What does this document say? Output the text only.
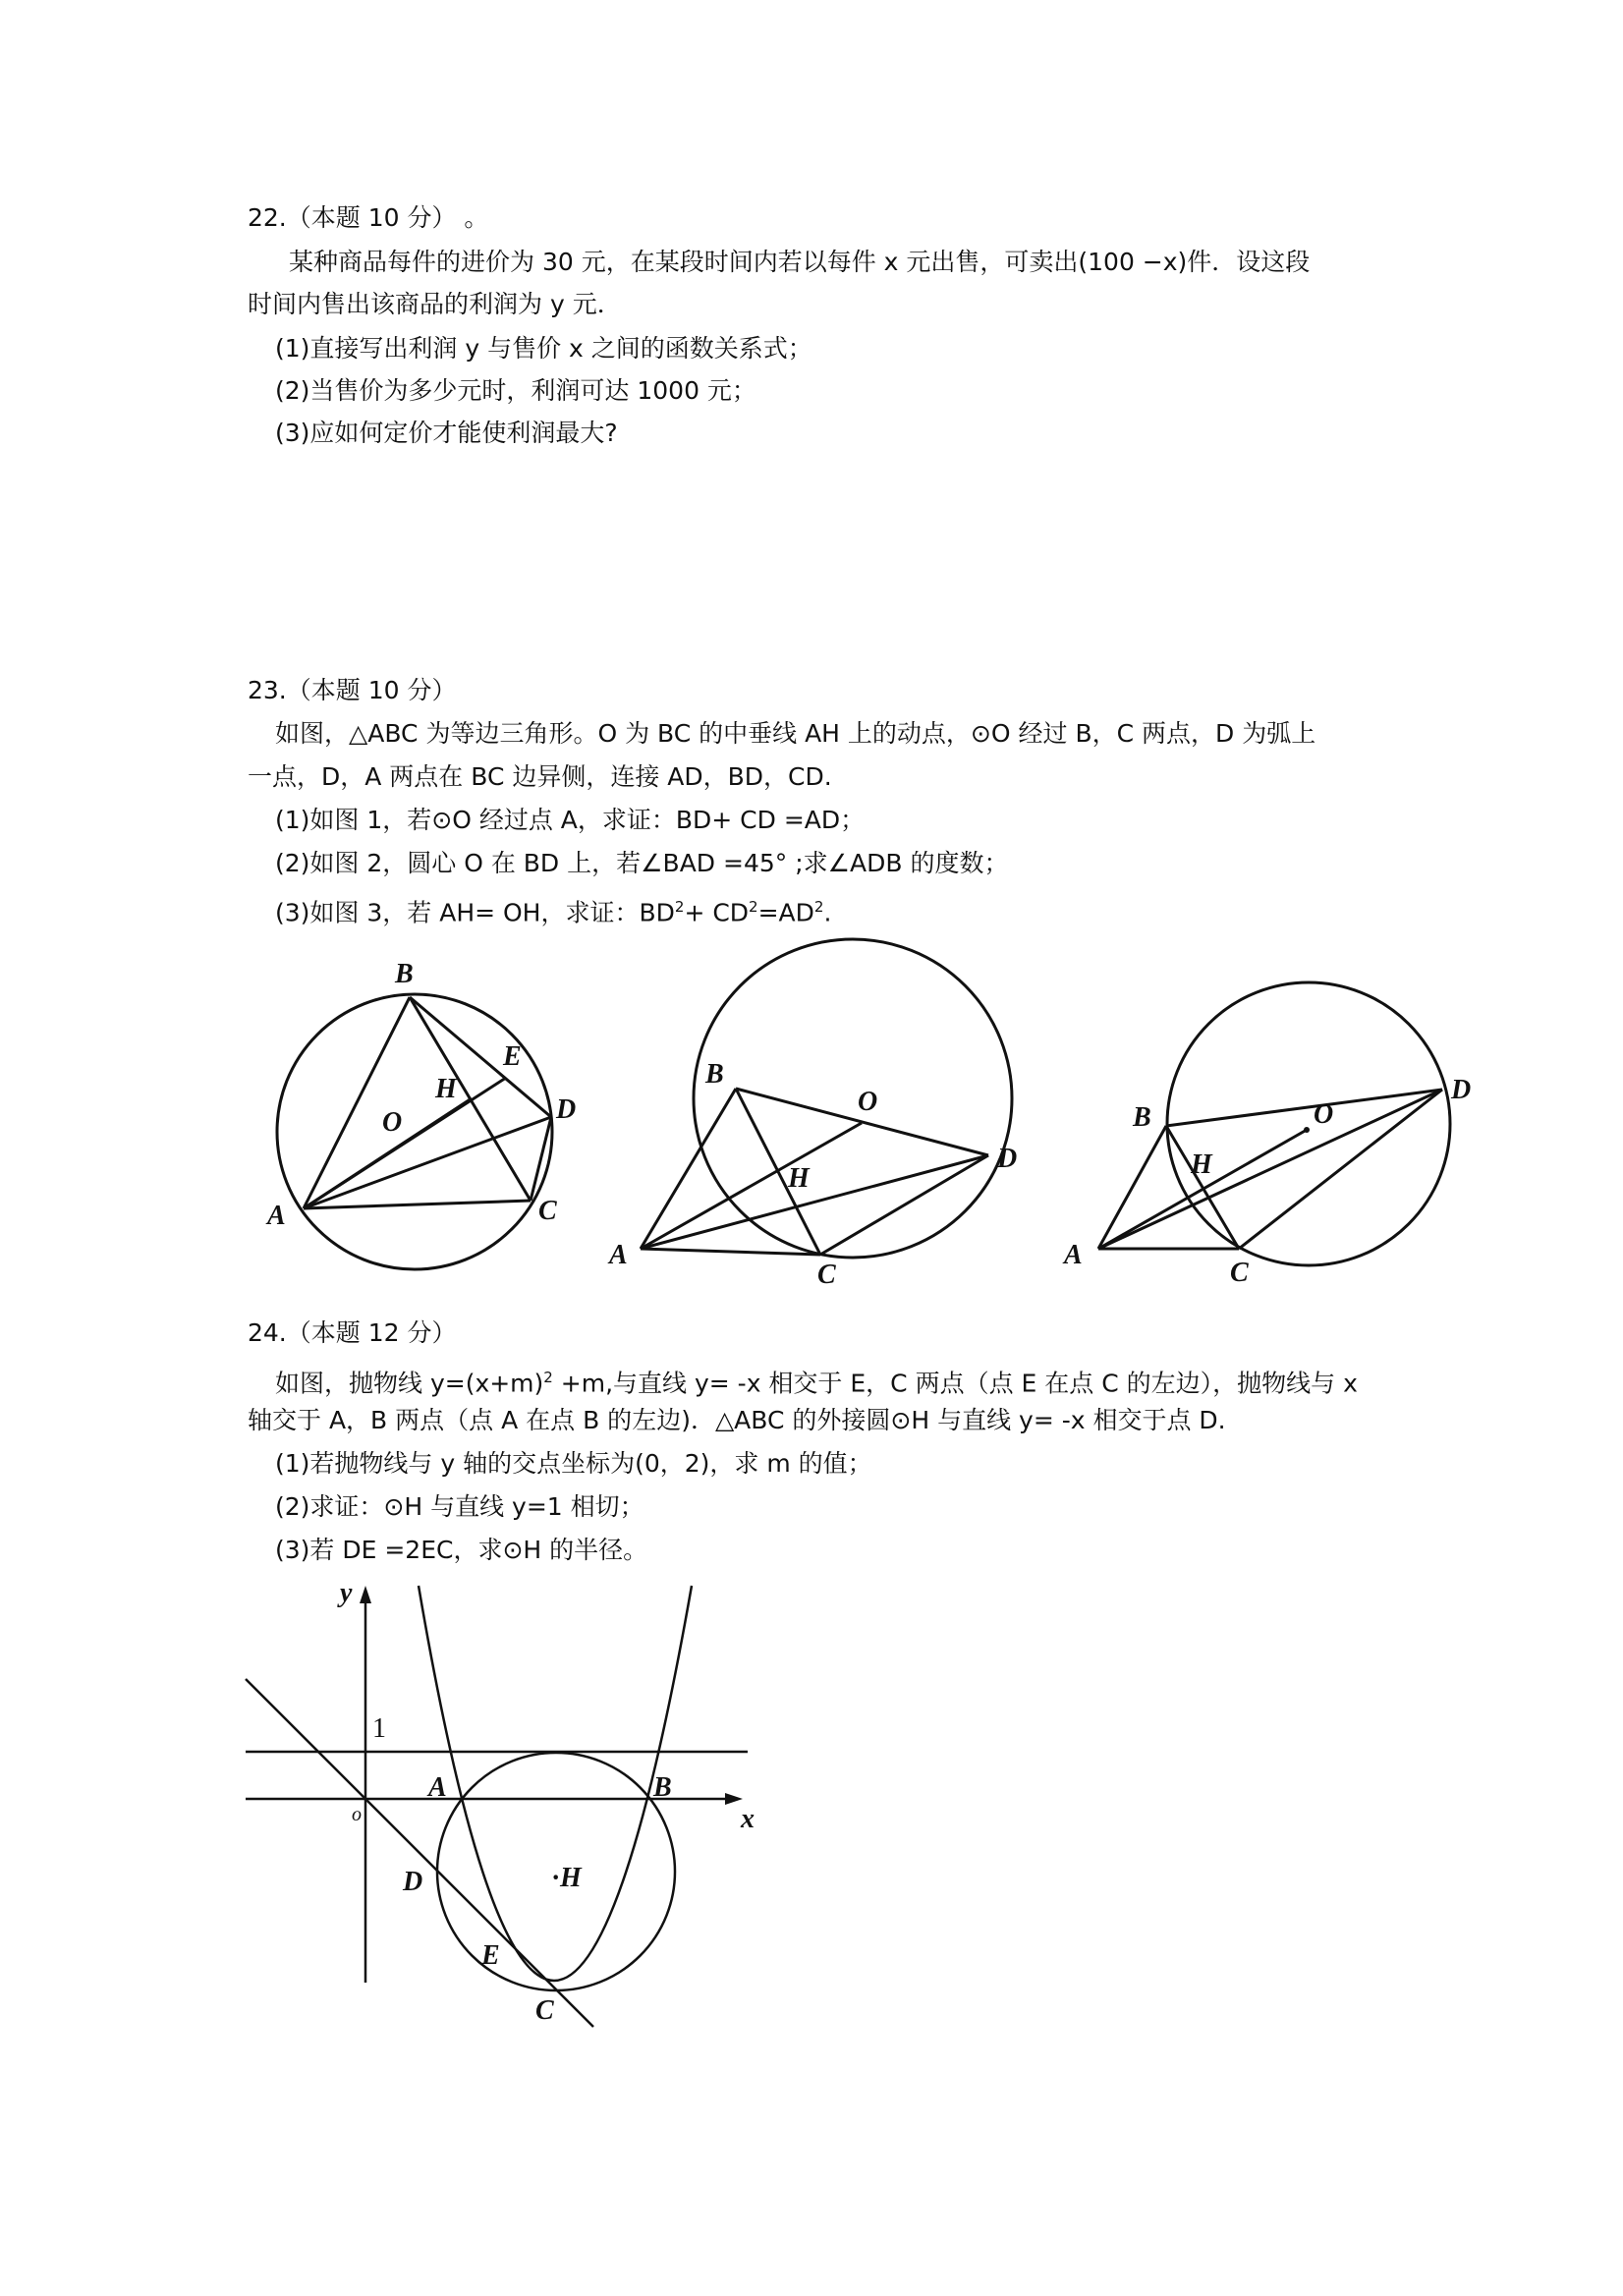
22.（本题 10 分） 。
某种商品每件的进价为 30 元，在某段时间内若以每件 x 元出售，可卖出(100 −x)件．设这段
时间内售出该商品的利润为 y 元．
(1)直接写出利润 y 与售价 x 之间的函数关系式；
(2)当售价为多少元时，利润可达 1000 元；
(3)应如何定价才能使利润最大?
23.（本题 10 分）
如图，△ABC 为等边三角形。O 为 BC 的中垂线 AH 上的动点，⊙O 经过 B，C 两点，D 为弧上
一点，D，A 两点在 BC 边异侧，连接 AD，BD，CD.
(1)如图 1，若⊙O 经过点 A，求证：BD+ CD =AD；
(2)如图 2，圆心 O 在 BD 上，若∠BAD =45° ;求∠ADB 的度数；
(3)如图 3，若 AH= OH，求证：$BD^2+ CD^2=AD^2$.
B
E
H
O	D
A	C
B
O
D
H
A
C
B	O
D
H
A
C
y
1
o	x
A	B
D	· H
E
C
24.（本题 12 分）
如图，抛物线 $y=(x+m)^2 +m$,与直线 y= -x 相交于 E，C 两点（点 E 在点 C 的左边），抛物线与 x
轴交于 A，B 两点（点 A 在点 B 的左边)．△ABC 的外接圆⊙H 与直线 y= -x 相交于点 D.
(1)若抛物线与 y 轴的交点坐标为(0，2)，求 m 的值；
(2)求证：⊙H 与直线 y=1 相切；
(3)若 DE =2EC，求⊙H 的半径。
